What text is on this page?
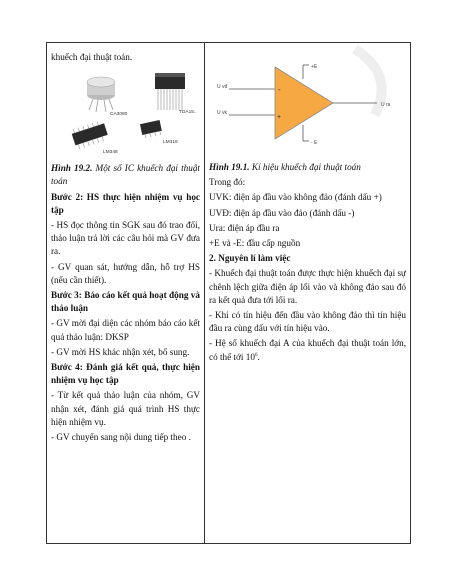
khuếch đại thuật toán.

CA3080	TDA15..
LM348
LM318

Hình 19.2. Một số IC khuếch đại thuật toán

Bước 2: HS thực hiện nhiệm vụ học tập

- HS đọc thông tin SGK sau đó trao đổi, thảo luận trả lời các câu hỏi mà GV đưa ra.

- GV quan sát, hướng dẫn, hỗ trợ HS (nếu cần thiết).

Bước 3: Báo cáo kết quả hoạt động và thảo luận

- GV mời đại diện các nhóm báo cáo kết quả thảo luận: DKSP

- GV mời HS khác nhận xét, bổ sung.

Bước 4: Đánh giá kết quả, thực hiện nhiệm vụ học tập

- Từ kết quả thảo luận của nhóm, GV nhận xét, đánh giá quá trình HS thực hiện nhiệm vụ.

- GV chuyển sang nội dung tiếp theo .

-
+
+E
- E
U vđ
U vk
U ra

Hình 19.1. Kí hiệu khuếch đại thuật toán

Trong đó:

UVK: điện áp đầu vào không đảo (đánh dấu +)

UVĐ: điện áp đầu vào đảo (đánh dấu -)

Ura: điện áp đầu ra

+E và -E: đầu cấp nguồn

2. Nguyên lí làm việc

- Khuếch đại thuật toán được thực hiện khuếch đại sự chênh lệch giữa điện áp lối vào và không đảo sau đó ra kết quả đưa tới lối ra.

- Khi có tín hiệu đến đầu vào không đảo thì tín hiệu đầu ra cùng dấu với tín hiệu vào.

- Hệ số khuếch đại A của khuếch đại thuật toán lớn, có thể tới $10^6$.
